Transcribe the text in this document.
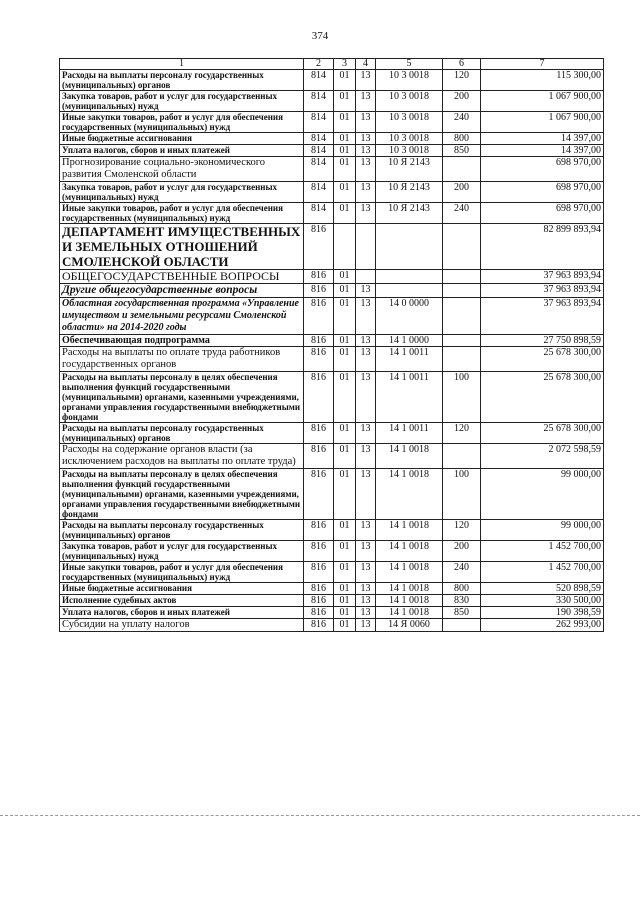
374
1	2	3	4	5	6	7
Расходы на выплаты персоналу государственных (муниципальных) органов	814	01	13	10 3 0018	120	115 300,00
Закупка товаров, работ и услуг для государственных (муниципальных) нужд	814	01	13	10 3 0018	200	1 067 900,00
Иные закупки товаров, работ и услуг для обеспечения государственных (муниципальных) нужд	814	01	13	10 3 0018	240	1 067 900,00
Иные бюджетные ассигнования	814	01	13	10 3 0018	800	14 397,00
Уплата налогов, сборов и иных платежей	814	01	13	10 3 0018	850	14 397,00
Прогнозирование социально-экономического развития Смоленской области	814	01	13	10 Я 2143		698 970,00
Закупка товаров, работ и услуг для государственных (муниципальных) нужд	814	01	13	10 Я 2143	200	698 970,00
Иные закупки товаров, работ и услуг для обеспечения государственных (муниципальных) нужд	814	01	13	10 Я 2143	240	698 970,00
ДЕПАРТАМЕНТ ИМУЩЕСТВЕННЫХ И ЗЕМЕЛЬНЫХ ОТНОШЕНИЙ СМОЛЕНСКОЙ ОБЛАСТИ	816					82 899 893,94
ОБЩЕГОСУДАРСТВЕННЫЕ ВОПРОСЫ	816	01				37 963 893,94
Другие общегосударственные вопросы	816	01	13			37 963 893,94
Областная государственная программа «Управление имуществом и земельными ресурсами Смоленской области» на 2014-2020 годы	816	01	13	14 0 0000		37 963 893,94
Обеспечивающая подпрограмма	816	01	13	14 1 0000		27 750 898,59
Расходы на выплаты по оплате труда работников государственных органов	816	01	13	14 1 0011		25 678 300,00
Расходы на выплаты персоналу в целях обеспечения выполнения функций государственными (муниципальными) органами, казенными учреждениями, органами управления государственными внебюджетными фондами	816	01	13	14 1 0011	100	25 678 300,00
Расходы на выплаты персоналу государственных (муниципальных) органов	816	01	13	14 1 0011	120	25 678 300,00
Расходы на содержание органов власти (за исключением расходов на выплаты по оплате труда)	816	01	13	14 1 0018		2 072 598,59
Расходы на выплаты персоналу в целях обеспечения выполнения функций государственными (муниципальными) органами, казенными учреждениями, органами управления государственными внебюджетными фондами	816	01	13	14 1 0018	100	99 000,00
Расходы на выплаты персоналу государственных (муниципальных) органов	816	01	13	14 1 0018	120	99 000,00
Закупка товаров, работ и услуг для государственных (муниципальных) нужд	816	01	13	14 1 0018	200	1 452 700,00
Иные закупки товаров, работ и услуг для обеспечения государственных (муниципальных) нужд	816	01	13	14 1 0018	240	1 452 700,00
Иные бюджетные ассигнования	816	01	13	14 1 0018	800	520 898,59
Исполнение судебных актов	816	01	13	14 1 0018	830	330 500,00
Уплата налогов, сборов и иных платежей	816	01	13	14 1 0018	850	190 398,59
Субсидии на уплату налогов	816	01	13	14 Я 0060		262 993,00
